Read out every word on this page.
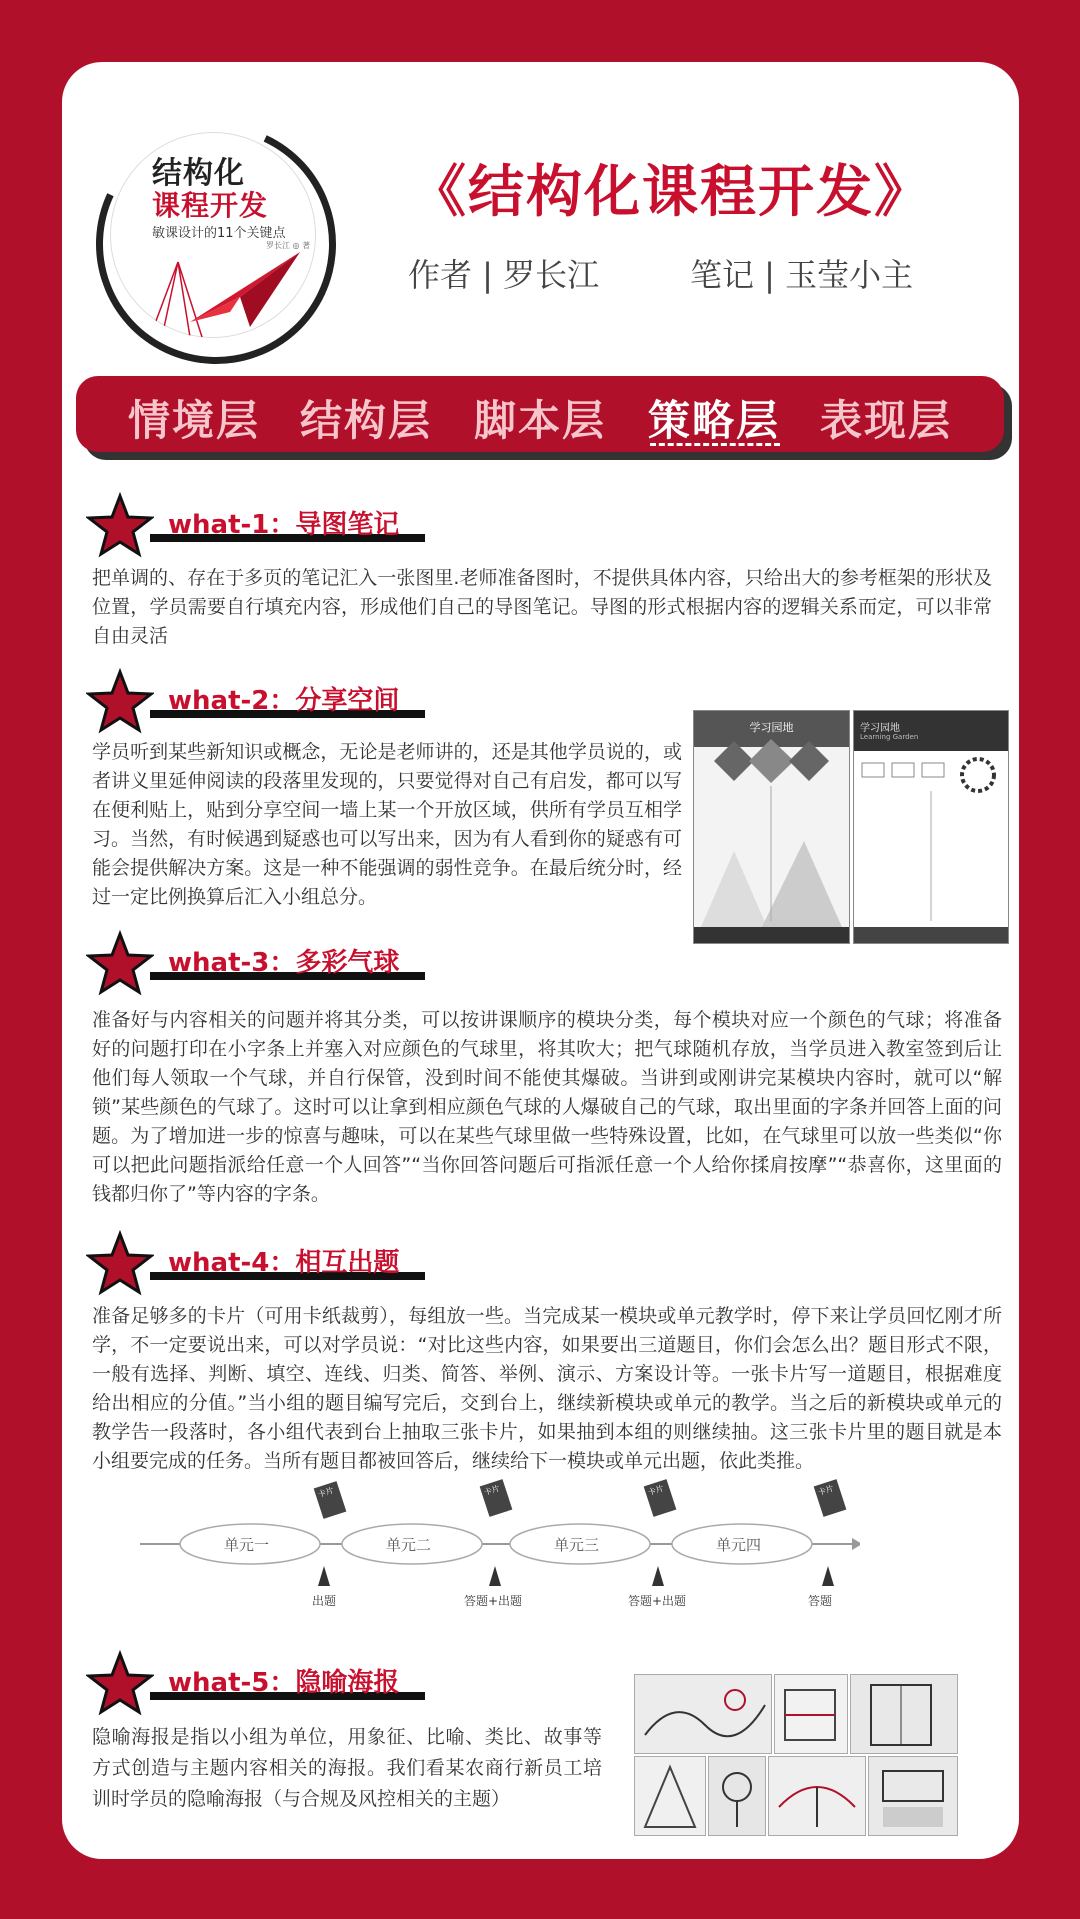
结构化
课程开发
敏课设计的11个关键点
罗长江 ◎ 著
《结构化课程开发》
作者 | 罗长江	笔记 | 玉莹小主
情境层 结构层 脚本层 策略层 表现层
what-1：导图笔记
把单调的、存在于多页的笔记汇入一张图里.老师准备图时，不提供具体内容，只给出大的参考框架的形状及位置，学员需要自行填充内容，形成他们自己的导图笔记。导图的形式根据内容的逻辑关系而定，可以非常自由灵活
what-2：分享空间
学员听到某些新知识或概念，无论是老师讲的，还是其他学员说的，或者讲义里延伸阅读的段落里发现的，只要觉得对自己有启发，都可以写在便利贴上，贴到分享空间一墙上某一个开放区域，供所有学员互相学习。当然，有时候遇到疑惑也可以写出来，因为有人看到你的疑惑有可能会提供解决方案。这是一种不能强调的弱性竞争。在最后统分时，经过一定比例换算后汇入小组总分。
学习园地	学习园地
Learning Garden
what-3：多彩气球
准备好与内容相关的问题并将其分类，可以按讲课顺序的模块分类，每个模块对应一个颜色的气球；将准备好的问题打印在小字条上并塞入对应颜色的气球里，将其吹大；把气球随机存放，当学员进入教室签到后让他们每人领取一个气球，并自行保管，没到时间不能使其爆破。当讲到或刚讲完某模块内容时，就可以“解锁”某些颜色的气球了。这时可以让拿到相应颜色气球的人爆破自己的气球，取出里面的字条并回答上面的问题。为了增加进一步的惊喜与趣味，可以在某些气球里做一些特殊设置，比如，在气球里可以放一些类似“你可以把此问题指派给任意一个人回答”“当你回答问题后可指派任意一个人给你揉肩按摩”“恭喜你，这里面的钱都归你了”等内容的字条。
what-4：相互出题
准备足够多的卡片（可用卡纸裁剪），每组放一些。当完成某一模块或单元教学时，停下来让学员回忆刚才所学，不一定要说出来，可以对学员说：“对比这些内容，如果要出三道题目，你们会怎么出？题目形式不限，一般有选择、判断、填空、连线、归类、简答、举例、演示、方案设计等。一张卡片写一道题目，根据难度给出相应的分值。”当小组的题目编写完后，交到台上，继续新模块或单元的教学。当之后的新模块或单元的教学告一段落时，各小组代表到台上抽取三张卡片，如果抽到本组的则继续抽。这三张卡片里的题目就是本小组要完成的任务。当所有题目都被回答后，继续给下一模块或单元出题，依此类推。
单元一	单元二	单元三	单元四
卡片	卡片	卡片	卡片
出题	答题+出题	答题+出题	答题
what-5：隐喻海报
隐喻海报是指以小组为单位，用象征、比喻、类比、故事等方式创造与主题内容相关的海报。我们看某农商行新员工培训时学员的隐喻海报（与合规及风控相关的主题）
